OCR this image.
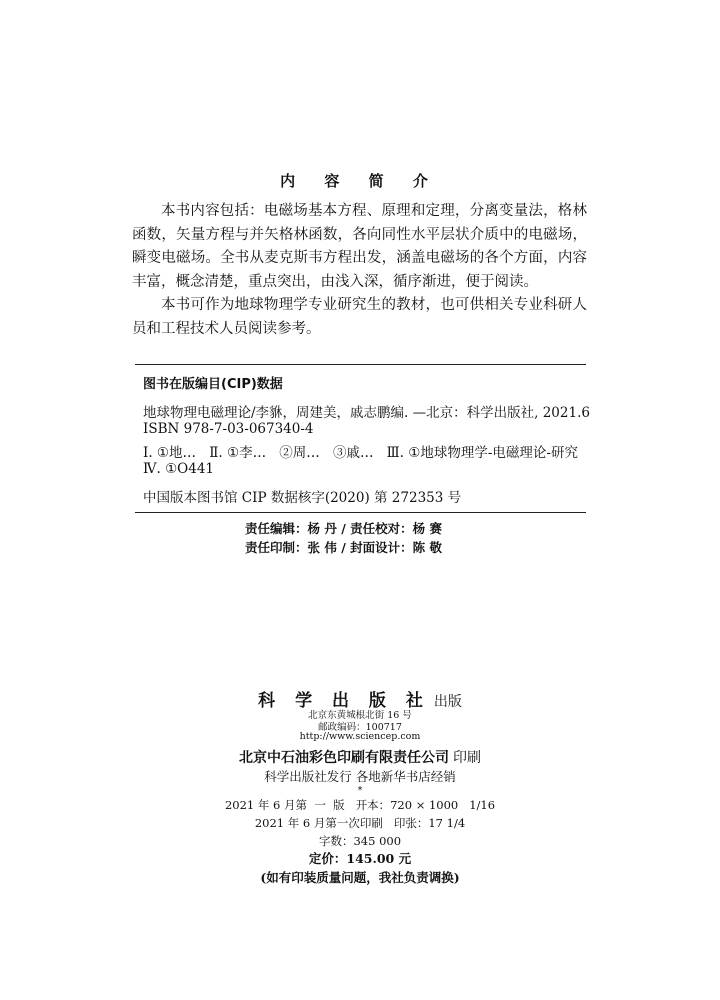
内 容 简 介

本书内容包括：电磁场基本方程、原理和定理，分离变量法，格林函数，矢量方程与并矢格林函数，各向同性水平层状介质中的电磁场，瞬变电磁场。全书从麦克斯韦方程出发，涵盖电磁场的各个方面，内容丰富，概念清楚，重点突出，由浅入深，循序渐进，便于阅读。

本书可作为地球物理学专业研究生的教材，也可供相关专业科研人员和工程技术人员阅读参考。

图书在版编目(CIP)数据
地球物理电磁理论/李貅，周建美，戚志鹏编. —北京：科学出版社, 2021.6
ISBN 978-7-03-067340-4
Ⅰ. ①地… Ⅱ. ①李… ②周… ③戚… Ⅲ. ①地球物理学-电磁理论-研究
Ⅳ. ①O441
中国版本图书馆 CIP 数据核字(2020) 第 272353 号
责任编辑：杨 丹 / 责任校对：杨 赛
责任印制：张 伟 / 封面设计：陈 敬
科 学 出 版 社 出版
北京东黄城根北街 16 号
邮政编码：100717
http://www.sciencep.com
北京中石油彩色印刷有限责任公司 印刷
科学出版社发行 各地新华书店经销
*
2021 年 6 月第  一  版   开本：720 × 1000   1/16
2021 年 6 月第一次印刷   印张：17 1/4
字数：345 000
定价：145.00 元
(如有印装质量问题，我社负责调换)
